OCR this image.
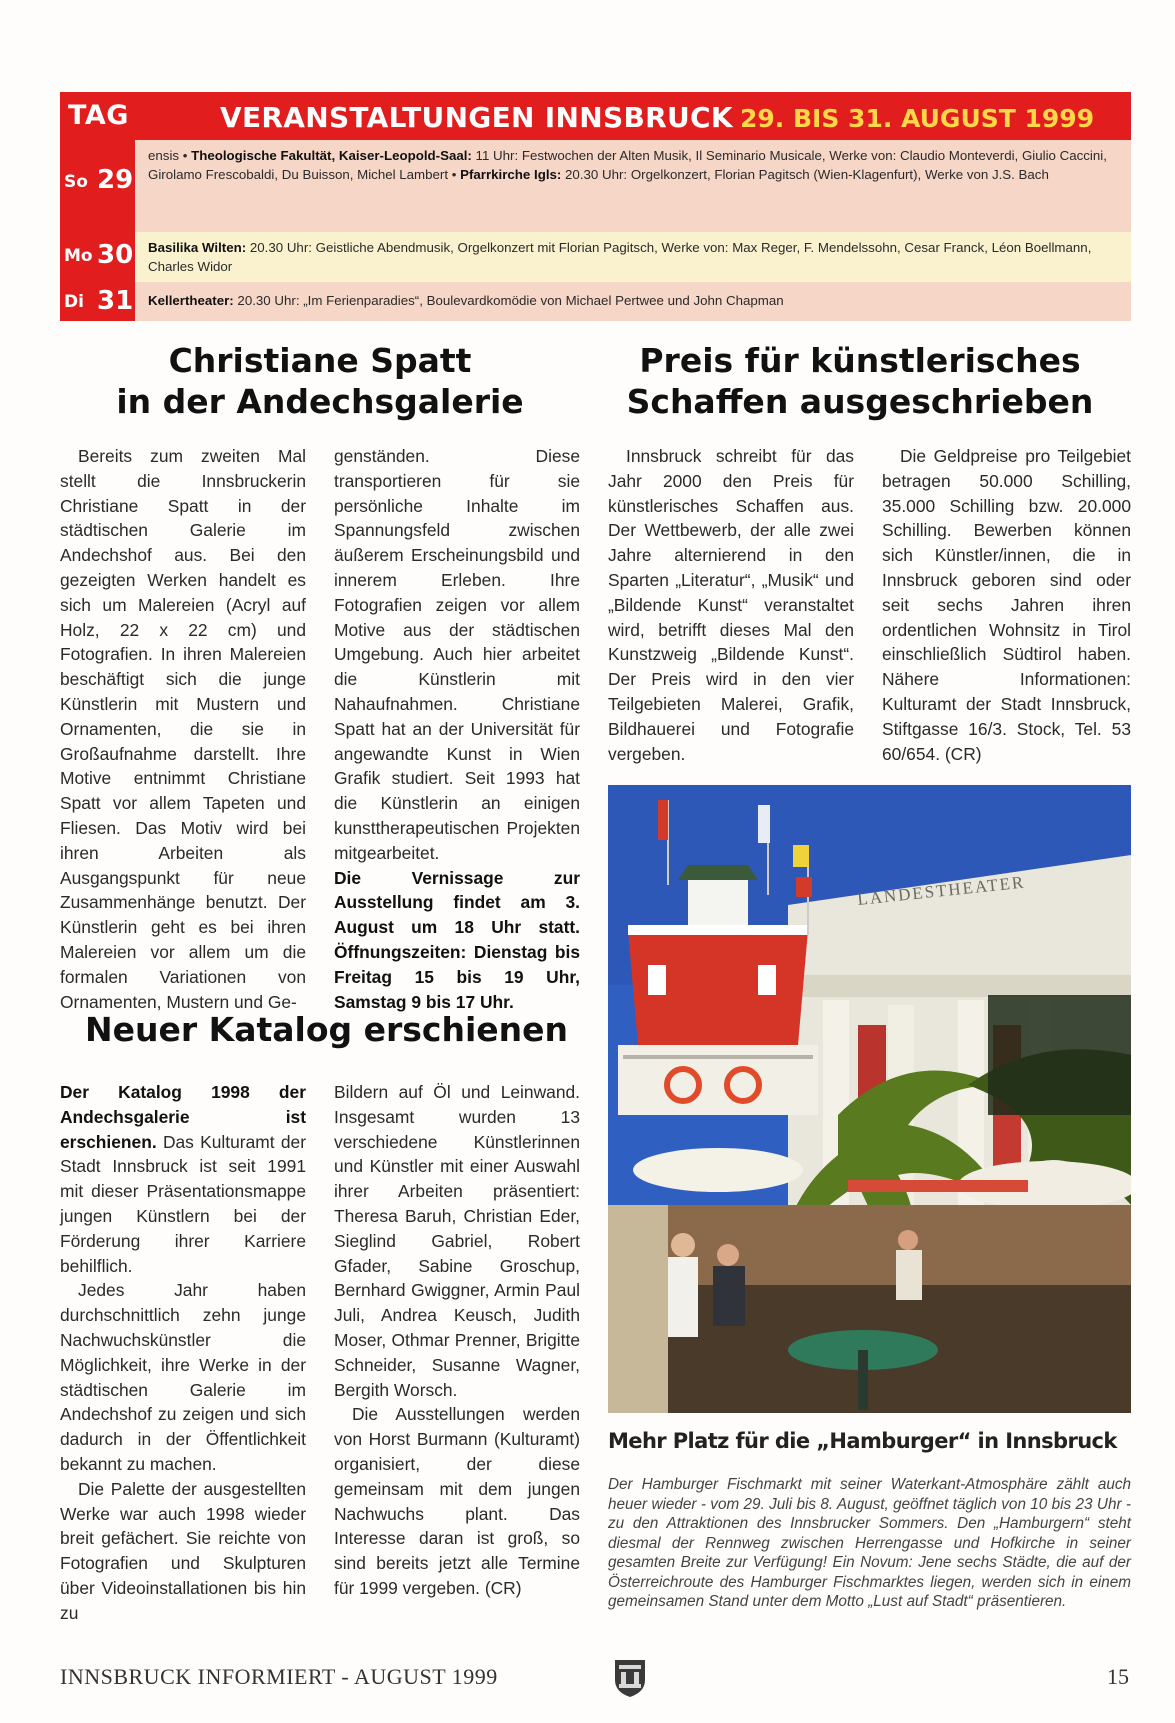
TAG	VERANSTALTUNGEN INNSBRUCK 29. BIS 31. AUGUST 1999
So 29
ensis • Theologische Fakultät, Kaiser-Leopold-Saal: 11 Uhr: Festwochen der Alten Musik, Il Seminario Musicale, Werke von: Claudio Monteverdi, Giulio Caccini, Girolamo Frescobaldi, Du Buisson, Michel Lambert • Pfarrkirche Igls: 20.30 Uhr: Orgelkonzert, Florian Pagitsch (Wien-Klagenfurt), Werke von J.S. Bach
Mo 30 Basilika Wilten: 20.30 Uhr: Geistliche Abendmusik, Orgelkonzert mit Florian Pagitsch, Werke von: Max Reger, F. Mendelssohn, Cesar Franck, Léon Boellmann, Charles Widor
Di 31 Kellertheater: 20.30 Uhr: „Im Ferienparadies“, Boulevardkomödie von Michael Pertwee und John Chapman
Christiane Spatt
in der Andechsgalerie

Bereits zum zweiten Mal stellt die Innsbruckerin Christiane Spatt in der städtischen Galerie im Andechshof aus. Bei den gezeigten Werken handelt es sich um Malereien (Acryl auf Holz, 22 x 22 cm) und Fotografien. In ihren Malereien beschäftigt sich die junge Künstlerin mit Mustern und Ornamenten, die sie in Großaufnahme darstellt. Ihre Motive entnimmt Christiane Spatt vor allem Tapeten und Fliesen. Das Motiv wird bei ihren Arbeiten als Ausgangspunkt für neue Zusammenhänge benutzt. Der Künstlerin geht es bei ihren Malereien vor allem um die formalen Variationen von Ornamenten, Mustern und Ge-

genständen. Diese transportieren für sie persönliche Inhalte im Spannungsfeld zwischen äußerem Erscheinungsbild und innerem Erleben. Ihre Fotografien zeigen vor allem Motive aus der städtischen Umgebung. Auch hier arbeitet die Künstlerin mit Nahaufnahmen. Christiane Spatt hat an der Universität für angewandte Kunst in Wien Grafik studiert. Seit 1993 hat die Künstlerin an einigen kunsttherapeutischen Projekten mitgearbeitet.

Die Vernissage zur Ausstellung findet am 3. August um 18 Uhr statt. Öffnungszeiten: Dienstag bis Freitag 15 bis 19 Uhr, Samstag 9 bis 17 Uhr.

Preis für künstlerisches
Schaffen ausgeschrieben

Innsbruck schreibt für das Jahr 2000 den Preis für künstlerisches Schaffen aus. Der Wettbewerb, der alle zwei Jahre alternierend in den Sparten „Literatur“, „Musik“ und „Bildende Kunst“ veranstaltet wird, betrifft dieses Mal den Kunstzweig „Bildende Kunst“. Der Preis wird in den vier Teilgebieten Malerei, Grafik, Bildhauerei und Fotografie vergeben.

Die Geldpreise pro Teilgebiet betragen 50.000 Schilling, 35.000 Schilling bzw. 20.000 Schilling. Bewerben können sich Künstler/innen, die in Innsbruck geboren sind oder seit sechs Jahren ihren ordentlichen Wohnsitz in Tirol einschließlich Südtirol haben. Nähere Informationen: Kulturamt der Stadt Innsbruck, Stiftgasse 16/3. Stock, Tel. 53 60/654. (CR)

Neuer Katalog erschienen

Der Katalog 1998 der Andechsgalerie ist erschienen. Das Kulturamt der Stadt Innsbruck ist seit 1991 mit dieser Präsentationsmappe jungen Künstlern bei der Förderung ihrer Karriere behilflich.

Jedes Jahr haben durchschnittlich zehn junge Nachwuchskünstler die Möglichkeit, ihre Werke in der städtischen Galerie im Andechshof zu zeigen und sich dadurch in der Öffentlichkeit bekannt zu machen.

Die Palette der ausgestellten Werke war auch 1998 wieder breit gefächert. Sie reichte von Fotografien und Skulpturen über Videoinstallationen bis hin zu

Bildern auf Öl und Leinwand. Insgesamt wurden 13 verschiedene Künstlerinnen und Künstler mit einer Auswahl ihrer Arbeiten präsentiert: Theresa Baruh, Christian Eder, Sieglind Gabriel, Robert Gfader, Sabine Groschup, Bernhard Gwiggner, Armin Paul Juli, Andrea Keusch, Judith Moser, Othmar Prenner, Brigitte Schneider, Susanne Wagner, Bergith Worsch.

Die Ausstellungen werden von Horst Burmann (Kulturamt) organisiert, der diese gemeinsam mit dem jungen Nachwuchs plant. Das Interesse daran ist groß, so sind bereits jetzt alle Termine für 1999 vergeben. (CR)

LANDESTHEATER
Mehr Platz für die „Hamburger“ in Innsbruck
Der Hamburger Fischmarkt mit seiner Waterkant-Atmosphäre zählt auch heuer wieder - vom 29. Juli bis 8. August, geöffnet täglich von 10 bis 23 Uhr - zu den Attraktionen des Innsbrucker Sommers. Den „Hamburgern“ steht diesmal der Rennweg zwischen Herrengasse und Hofkirche in seiner gesamten Breite zur Verfügung! Ein Novum: Jene sechs Städte, die auf der Österreichroute des Hamburger Fischmarktes liegen, werden sich in einem gemeinsamen Stand unter dem Motto „Lust auf Stadt“ präsentieren.
INNSBRUCK INFORMIERT - AUGUST 1999	15
